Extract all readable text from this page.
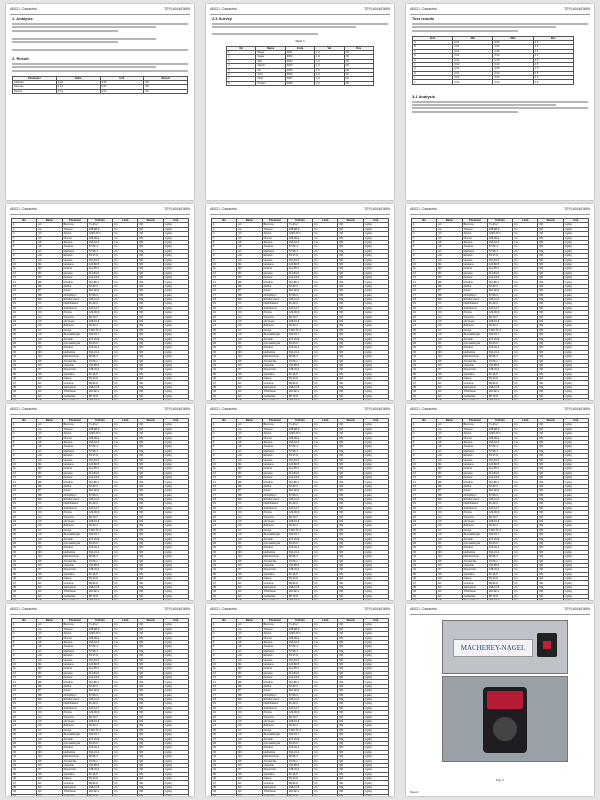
ABCD, Cadastral	TEPLAN/ADMIN
1. Analysis
2. Result
Parameter	Value	Unit	Result
Attribute	0.15	0.05	OK
Sucrose	0.14	0.01	OK
Dextrin	0.21	0.02	OK
ABCD, Cadastral	TEPLAN/ADMIN
2.3 Survey
Table 1
No	Name	Code	Val	Res
1	Water	0001	1.0	OK
2	Sugar	0002	1.0	OK
3	Salt	0003	1.0	OK
4	Starch	0004	1.0	OK
5	Oil	0005	1.0	OK
6	Acid	0006	1.0	OK
7	Fiber	0007	1.0	OK
8	Protein	0008	1.0	OK
ABCD, Cadastral	TEPLAN/ADMIN
Test results
Item	Min	Max	Res
A	0.01	0.03	0.5
B	0.01	0.04	1.0
C	0.02	0.03	1.5
D	0.01	0.02	2.0
E	0.01	0.05	3.0
F	0.02	0.03	2.5
G	0.03	0.05	1.0
H	0.01	0.02	0.5
I	0.02	0.04	2.0
J	0.01	0.03	1.5
3.1 Analysis
ABCD, Cadastral	TEPLAN/ADMIN
No	Name	Chemical	CAS No	Limit	Result	Unit
1	A1	Benzene	71-43-2	0.1	ND	mg/kg
2	A2	Toluene	108-88-3	0.1	ND	mg/kg
3	A3	Xylene	1330-20-7	0.1	ND	mg/kg
4	A4	Phenol	108-95-2	0.1	ND	mg/kg
5	A5	Styrene	100-42-5	0.1	ND	mg/kg
6	A6	Acetone	67-64-1	0.1	ND	mg/kg
7	A7	Methanol	67-56-1	0.1	ND	mg/kg
8	A8	Ethanol	64-17-5	0.1	ND	mg/kg
9	A9	Hexane	110-54-3	0.1	ND	mg/kg
10	B1	Heptane	142-82-5	0.1	ND	mg/kg
11	B2	Octane	111-65-9	0.1	ND	mg/kg
12	B3	Nonane	111-84-2	0.1	ND	mg/kg
13	B4	Decane	124-18-5	0.1	ND	mg/kg
14	B5	Pyridine	110-86-1	0.1	ND	mg/kg
15	B6	Aniline	62-53-3	0.1	ND	mg/kg
16	B7	Furan	110-00-9	0.1	ND	mg/kg
17	B8	Chloroform	67-66-3	0.1	ND	mg/kg
18	B9	Ethylbenzene	100-41-4	0.1	ND	mg/kg
19	C1	Naphthalene	91-20-3	0.1	ND	mg/kg
20	C2	Anthracene	120-12-7	0.1	ND	mg/kg
21	C3	Pyrene	129-00-0	0.1	ND	mg/kg
22	C4	Fluorene	86-73-7	0.1	ND	mg/kg
23	C5	Chrysene	218-01-9	0.1	ND	mg/kg
24	C6	Biphenyl	92-52-4	0.1	ND	mg/kg
25	C7	Cresol	1319-77-3	0.1	ND	mg/kg
26	C8	Benzaldehyde	100-52-7	0.1	ND	mg/kg
27	C9	Acrolein	107-02-8	0.1	ND	mg/kg
28	D1	Formaldehyde	50-00-0	0.1	ND	mg/kg
29	D2	Dioxane	123-91-1	0.1	ND	mg/kg
30	D3	Hydrazine	302-01-2	0.1	ND	mg/kg
31	D4	Nitrobenzene	98-95-3	0.1	ND	mg/kg
32	D5	Acrylamide	79-06-1	0.1	ND	mg/kg
33	D6	Catechol	120-80-9	0.1	ND	mg/kg
34	D7	Resorcinol	108-46-3	0.1	ND	mg/kg
35	D8	Quinoline	91-22-5	0.1	ND	mg/kg
36	D9	Indene	95-13-6	0.1	ND	mg/kg
37	E1	Cumene	98-82-8	0.1	ND	mg/kg
38	E2	Mesitylene	108-67-8	0.1	ND	mg/kg
39	E3	Thiophene	110-02-1	0.1	ND	mg/kg
40	E4	Carbazole	86-74-8	0.1	ND	mg/kg

ABCD, Cadastral	TEPLAN/ADMIN
No	Name	Chemical	CAS No	Limit	Result	Unit
1	A1	Benzene	71-43-2	0.1	ND	mg/kg
2	A2	Toluene	108-88-3	0.1	ND	mg/kg
3	A3	Xylene	1330-20-7	0.1	ND	mg/kg
4	A4	Phenol	108-95-2	0.1	ND	mg/kg
5	A5	Styrene	100-42-5	0.1	ND	mg/kg
6	A6	Acetone	67-64-1	0.1	ND	mg/kg
7	A7	Methanol	67-56-1	0.1	ND	mg/kg
8	A8	Ethanol	64-17-5	0.1	ND	mg/kg
9	A9	Hexane	110-54-3	0.1	ND	mg/kg
10	B1	Heptane	142-82-5	0.1	ND	mg/kg
11	B2	Octane	111-65-9	0.1	ND	mg/kg
12	B3	Nonane	111-84-2	0.1	ND	mg/kg
13	B4	Decane	124-18-5	0.1	ND	mg/kg
14	B5	Pyridine	110-86-1	0.1	ND	mg/kg
15	B6	Aniline	62-53-3	0.1	ND	mg/kg
16	B7	Furan	110-00-9	0.1	ND	mg/kg
17	B8	Chloroform	67-66-3	0.1	ND	mg/kg
18	B9	Ethylbenzene	100-41-4	0.1	ND	mg/kg
19	C1	Naphthalene	91-20-3	0.1	ND	mg/kg
20	C2	Anthracene	120-12-7	0.1	ND	mg/kg
21	C3	Pyrene	129-00-0	0.1	ND	mg/kg
22	C4	Fluorene	86-73-7	0.1	ND	mg/kg
23	C5	Chrysene	218-01-9	0.1	ND	mg/kg
24	C6	Biphenyl	92-52-4	0.1	ND	mg/kg
25	C7	Cresol	1319-77-3	0.1	ND	mg/kg
26	C8	Benzaldehyde	100-52-7	0.1	ND	mg/kg
27	C9	Acrolein	107-02-8	0.1	ND	mg/kg
28	D1	Formaldehyde	50-00-0	0.1	ND	mg/kg
29	D2	Dioxane	123-91-1	0.1	ND	mg/kg
30	D3	Hydrazine	302-01-2	0.1	ND	mg/kg
31	D4	Nitrobenzene	98-95-3	0.1	ND	mg/kg
32	D5	Acrylamide	79-06-1	0.1	ND	mg/kg
33	D6	Catechol	120-80-9	0.1	ND	mg/kg
34	D7	Resorcinol	108-46-3	0.1	ND	mg/kg
35	D8	Quinoline	91-22-5	0.1	ND	mg/kg
36	D9	Indene	95-13-6	0.1	ND	mg/kg
37	E1	Cumene	98-82-8	0.1	ND	mg/kg
38	E2	Mesitylene	108-67-8	0.1	ND	mg/kg
39	E3	Thiophene	110-02-1	0.1	ND	mg/kg
40	E4	Carbazole	86-74-8	0.1	ND	mg/kg

ABCD, Cadastral	TEPLAN/ADMIN
No	Name	Chemical	CAS No	Limit	Result	Unit
1	A1	Benzene	71-43-2	0.1	ND	mg/kg
2	A2	Toluene	108-88-3	0.1	ND	mg/kg
3	A3	Xylene	1330-20-7	0.1	ND	mg/kg
4	A4	Phenol	108-95-2	0.1	ND	mg/kg
5	A5	Styrene	100-42-5	0.1	ND	mg/kg
6	A6	Acetone	67-64-1	0.1	ND	mg/kg
7	A7	Methanol	67-56-1	0.1	ND	mg/kg
8	A8	Ethanol	64-17-5	0.1	ND	mg/kg
9	A9	Hexane	110-54-3	0.1	ND	mg/kg
10	B1	Heptane	142-82-5	0.1	ND	mg/kg
11	B2	Octane	111-65-9	0.1	ND	mg/kg
12	B3	Nonane	111-84-2	0.1	ND	mg/kg
13	B4	Decane	124-18-5	0.1	ND	mg/kg
14	B5	Pyridine	110-86-1	0.1	ND	mg/kg
15	B6	Aniline	62-53-3	0.1	ND	mg/kg
16	B7	Furan	110-00-9	0.1	ND	mg/kg
17	B8	Chloroform	67-66-3	0.1	ND	mg/kg
18	B9	Ethylbenzene	100-41-4	0.1	ND	mg/kg
19	C1	Naphthalene	91-20-3	0.1	ND	mg/kg
20	C2	Anthracene	120-12-7	0.1	ND	mg/kg
21	C3	Pyrene	129-00-0	0.1	ND	mg/kg
22	C4	Fluorene	86-73-7	0.1	ND	mg/kg
23	C5	Chrysene	218-01-9	0.1	ND	mg/kg
24	C6	Biphenyl	92-52-4	0.1	ND	mg/kg
25	C7	Cresol	1319-77-3	0.1	ND	mg/kg
26	C8	Benzaldehyde	100-52-7	0.1	ND	mg/kg
27	C9	Acrolein	107-02-8	0.1	ND	mg/kg
28	D1	Formaldehyde	50-00-0	0.1	ND	mg/kg
29	D2	Dioxane	123-91-1	0.1	ND	mg/kg
30	D3	Hydrazine	302-01-2	0.1	ND	mg/kg
31	D4	Nitrobenzene	98-95-3	0.1	ND	mg/kg
32	D5	Acrylamide	79-06-1	0.1	ND	mg/kg
33	D6	Catechol	120-80-9	0.1	ND	mg/kg
34	D7	Resorcinol	108-46-3	0.1	ND	mg/kg
35	D8	Quinoline	91-22-5	0.1	ND	mg/kg
36	D9	Indene	95-13-6	0.1	ND	mg/kg
37	E1	Cumene	98-82-8	0.1	ND	mg/kg
38	E2	Mesitylene	108-67-8	0.1	ND	mg/kg
39	E3	Thiophene	110-02-1	0.1	ND	mg/kg
40	E4	Carbazole	86-74-8	0.1	ND	mg/kg

ABCD, Cadastral	TEPLAN/ADMIN
No	Name	Chemical	CAS No	Limit	Result	Unit
1	A1	Benzene	71-43-2	0.1	ND	mg/kg
2	A2	Toluene	108-88-3	0.1	ND	mg/kg
3	A3	Xylene	1330-20-7	0.1	ND	mg/kg
4	A4	Phenol	108-95-2	0.1	ND	mg/kg
5	A5	Styrene	100-42-5	0.1	ND	mg/kg
6	A6	Acetone	67-64-1	0.1	ND	mg/kg
7	A7	Methanol	67-56-1	0.1	ND	mg/kg
8	A8	Ethanol	64-17-5	0.1	ND	mg/kg
9	A9	Hexane	110-54-3	0.1	ND	mg/kg
10	B1	Heptane	142-82-5	0.1	ND	mg/kg
11	B2	Octane	111-65-9	0.1	ND	mg/kg
12	B3	Nonane	111-84-2	0.1	ND	mg/kg
13	B4	Decane	124-18-5	0.1	ND	mg/kg
14	B5	Pyridine	110-86-1	0.1	ND	mg/kg
15	B6	Aniline	62-53-3	0.1	ND	mg/kg
16	B7	Furan	110-00-9	0.1	ND	mg/kg
17	B8	Chloroform	67-66-3	0.1	ND	mg/kg
18	B9	Ethylbenzene	100-41-4	0.1	ND	mg/kg
19	C1	Naphthalene	91-20-3	0.1	ND	mg/kg
20	C2	Anthracene	120-12-7	0.1	ND	mg/kg
21	C3	Pyrene	129-00-0	0.1	ND	mg/kg
22	C4	Fluorene	86-73-7	0.1	ND	mg/kg
23	C5	Chrysene	218-01-9	0.1	ND	mg/kg
24	C6	Biphenyl	92-52-4	0.1	ND	mg/kg
25	C7	Cresol	1319-77-3	0.1	ND	mg/kg
26	C8	Benzaldehyde	100-52-7	0.1	ND	mg/kg
27	C9	Acrolein	107-02-8	0.1	ND	mg/kg
28	D1	Formaldehyde	50-00-0	0.1	ND	mg/kg
29	D2	Dioxane	123-91-1	0.1	ND	mg/kg
30	D3	Hydrazine	302-01-2	0.1	ND	mg/kg
31	D4	Nitrobenzene	98-95-3	0.1	ND	mg/kg
32	D5	Acrylamide	79-06-1	0.1	ND	mg/kg
33	D6	Catechol	120-80-9	0.1	ND	mg/kg
34	D7	Resorcinol	108-46-3	0.1	ND	mg/kg
35	D8	Quinoline	91-22-5	0.1	ND	mg/kg
36	D9	Indene	95-13-6	0.1	ND	mg/kg
37	E1	Cumene	98-82-8	0.1	ND	mg/kg
38	E2	Mesitylene	108-67-8	0.1	ND	mg/kg
39	E3	Thiophene	110-02-1	0.1	ND	mg/kg
40	E4	Carbazole	86-74-8	0.1	ND	mg/kg

ABCD, Cadastral	TEPLAN/ADMIN
No	Name	Chemical	CAS No	Limit	Result	Unit
1	A1	Benzene	71-43-2	0.1	ND	mg/kg
2	A2	Toluene	108-88-3	0.1	ND	mg/kg
3	A3	Xylene	1330-20-7	0.1	ND	mg/kg
4	A4	Phenol	108-95-2	0.1	ND	mg/kg
5	A5	Styrene	100-42-5	0.1	ND	mg/kg
6	A6	Acetone	67-64-1	0.1	ND	mg/kg
7	A7	Methanol	67-56-1	0.1	ND	mg/kg
8	A8	Ethanol	64-17-5	0.1	ND	mg/kg
9	A9	Hexane	110-54-3	0.1	ND	mg/kg
10	B1	Heptane	142-82-5	0.1	ND	mg/kg
11	B2	Octane	111-65-9	0.1	ND	mg/kg
12	B3	Nonane	111-84-2	0.1	ND	mg/kg
13	B4	Decane	124-18-5	0.1	ND	mg/kg
14	B5	Pyridine	110-86-1	0.1	ND	mg/kg
15	B6	Aniline	62-53-3	0.1	ND	mg/kg
16	B7	Furan	110-00-9	0.1	ND	mg/kg
17	B8	Chloroform	67-66-3	0.1	ND	mg/kg
18	B9	Ethylbenzene	100-41-4	0.1	ND	mg/kg
19	C1	Naphthalene	91-20-3	0.1	ND	mg/kg
20	C2	Anthracene	120-12-7	0.1	ND	mg/kg
21	C3	Pyrene	129-00-0	0.1	ND	mg/kg
22	C4	Fluorene	86-73-7	0.1	ND	mg/kg
23	C5	Chrysene	218-01-9	0.1	ND	mg/kg
24	C6	Biphenyl	92-52-4	0.1	ND	mg/kg
25	C7	Cresol	1319-77-3	0.1	ND	mg/kg
26	C8	Benzaldehyde	100-52-7	0.1	ND	mg/kg
27	C9	Acrolein	107-02-8	0.1	ND	mg/kg
28	D1	Formaldehyde	50-00-0	0.1	ND	mg/kg
29	D2	Dioxane	123-91-1	0.1	ND	mg/kg
30	D3	Hydrazine	302-01-2	0.1	ND	mg/kg
31	D4	Nitrobenzene	98-95-3	0.1	ND	mg/kg
32	D5	Acrylamide	79-06-1	0.1	ND	mg/kg
33	D6	Catechol	120-80-9	0.1	ND	mg/kg
34	D7	Resorcinol	108-46-3	0.1	ND	mg/kg
35	D8	Quinoline	91-22-5	0.1	ND	mg/kg
36	D9	Indene	95-13-6	0.1	ND	mg/kg
37	E1	Cumene	98-82-8	0.1	ND	mg/kg
38	E2	Mesitylene	108-67-8	0.1	ND	mg/kg
39	E3	Thiophene	110-02-1	0.1	ND	mg/kg
40	E4	Carbazole	86-74-8	0.1	ND	mg/kg

ABCD, Cadastral	TEPLAN/ADMIN
No	Name	Chemical	CAS No	Limit	Result	Unit
1	A1	Benzene	71-43-2	0.1	ND	mg/kg
2	A2	Toluene	108-88-3	0.1	ND	mg/kg
3	A3	Xylene	1330-20-7	0.1	ND	mg/kg
4	A4	Phenol	108-95-2	0.1	ND	mg/kg
5	A5	Styrene	100-42-5	0.1	ND	mg/kg
6	A6	Acetone	67-64-1	0.1	ND	mg/kg
7	A7	Methanol	67-56-1	0.1	ND	mg/kg
8	A8	Ethanol	64-17-5	0.1	ND	mg/kg
9	A9	Hexane	110-54-3	0.1	ND	mg/kg
10	B1	Heptane	142-82-5	0.1	ND	mg/kg
11	B2	Octane	111-65-9	0.1	ND	mg/kg
12	B3	Nonane	111-84-2	0.1	ND	mg/kg
13	B4	Decane	124-18-5	0.1	ND	mg/kg
14	B5	Pyridine	110-86-1	0.1	ND	mg/kg
15	B6	Aniline	62-53-3	0.1	ND	mg/kg
16	B7	Furan	110-00-9	0.1	ND	mg/kg
17	B8	Chloroform	67-66-3	0.1	ND	mg/kg
18	B9	Ethylbenzene	100-41-4	0.1	ND	mg/kg
19	C1	Naphthalene	91-20-3	0.1	ND	mg/kg
20	C2	Anthracene	120-12-7	0.1	ND	mg/kg
21	C3	Pyrene	129-00-0	0.1	ND	mg/kg
22	C4	Fluorene	86-73-7	0.1	ND	mg/kg
23	C5	Chrysene	218-01-9	0.1	ND	mg/kg
24	C6	Biphenyl	92-52-4	0.1	ND	mg/kg
25	C7	Cresol	1319-77-3	0.1	ND	mg/kg
26	C8	Benzaldehyde	100-52-7	0.1	ND	mg/kg
27	C9	Acrolein	107-02-8	0.1	ND	mg/kg
28	D1	Formaldehyde	50-00-0	0.1	ND	mg/kg
29	D2	Dioxane	123-91-1	0.1	ND	mg/kg
30	D3	Hydrazine	302-01-2	0.1	ND	mg/kg
31	D4	Nitrobenzene	98-95-3	0.1	ND	mg/kg
32	D5	Acrylamide	79-06-1	0.1	ND	mg/kg
33	D6	Catechol	120-80-9	0.1	ND	mg/kg
34	D7	Resorcinol	108-46-3	0.1	ND	mg/kg
35	D8	Quinoline	91-22-5	0.1	ND	mg/kg
36	D9	Indene	95-13-6	0.1	ND	mg/kg
37	E1	Cumene	98-82-8	0.1	ND	mg/kg
38	E2	Mesitylene	108-67-8	0.1	ND	mg/kg
39	E3	Thiophene	110-02-1	0.1	ND	mg/kg
40	E4	Carbazole	86-74-8	0.1	ND	mg/kg

ABCD, Cadastral	TEPLAN/ADMIN
No	Name	Chemical	CAS No	Limit	Result	Unit
1	A1	Benzene	71-43-2	0.1	ND	mg/kg
2	A2	Toluene	108-88-3	0.1	ND	mg/kg
3	A3	Xylene	1330-20-7	0.1	ND	mg/kg
4	A4	Phenol	108-95-2	0.1	ND	mg/kg
5	A5	Styrene	100-42-5	0.1	ND	mg/kg
6	A6	Acetone	67-64-1	0.1	ND	mg/kg
7	A7	Methanol	67-56-1	0.1	ND	mg/kg
8	A8	Ethanol	64-17-5	0.1	ND	mg/kg
9	A9	Hexane	110-54-3	0.1	ND	mg/kg
10	B1	Heptane	142-82-5	0.1	ND	mg/kg
11	B2	Octane	111-65-9	0.1	ND	mg/kg
12	B3	Nonane	111-84-2	0.1	ND	mg/kg
13	B4	Decane	124-18-5	0.1	ND	mg/kg
14	B5	Pyridine	110-86-1	0.1	ND	mg/kg
15	B6	Aniline	62-53-3	0.1	ND	mg/kg
16	B7	Furan	110-00-9	0.1	ND	mg/kg
17	B8	Chloroform	67-66-3	0.1	ND	mg/kg
18	B9	Ethylbenzene	100-41-4	0.1	ND	mg/kg
19	C1	Naphthalene	91-20-3	0.1	ND	mg/kg
20	C2	Anthracene	120-12-7	0.1	ND	mg/kg
21	C3	Pyrene	129-00-0	0.1	ND	mg/kg
22	C4	Fluorene	86-73-7	0.1	ND	mg/kg
23	C5	Chrysene	218-01-9	0.1	ND	mg/kg
24	C6	Biphenyl	92-52-4	0.1	ND	mg/kg
25	C7	Cresol	1319-77-3	0.1	ND	mg/kg
26	C8	Benzaldehyde	100-52-7	0.1	ND	mg/kg
27	C9	Acrolein	107-02-8	0.1	ND	mg/kg
28	D1	Formaldehyde	50-00-0	0.1	ND	mg/kg
29	D2	Dioxane	123-91-1	0.1	ND	mg/kg
30	D3	Hydrazine	302-01-2	0.1	ND	mg/kg
31	D4	Nitrobenzene	98-95-3	0.1	ND	mg/kg
32	D5	Acrylamide	79-06-1	0.1	ND	mg/kg
33	D6	Catechol	120-80-9	0.1	ND	mg/kg
34	D7	Resorcinol	108-46-3	0.1	ND	mg/kg
35	D8	Quinoline	91-22-5	0.1	ND	mg/kg
36	D9	Indene	95-13-6	0.1	ND	mg/kg
37	E1	Cumene	98-82-8	0.1	ND	mg/kg
38	E2	Mesitylene	108-67-8	0.1	ND	mg/kg
39	E3	Thiophene	110-02-1	0.1	ND	mg/kg

ABCD, Cadastral	TEPLAN/ADMIN
No	Name	Chemical	CAS No	Limit	Result	Unit
1	A1	Benzene	71-43-2	0.1	ND	mg/kg
2	A2	Toluene	108-88-3	0.1	ND	mg/kg
3	A3	Xylene	1330-20-7	0.1	ND	mg/kg
4	A4	Phenol	108-95-2	0.1	ND	mg/kg
5	A5	Styrene	100-42-5	0.1	ND	mg/kg
6	A6	Acetone	67-64-1	0.1	ND	mg/kg
7	A7	Methanol	67-56-1	0.1	ND	mg/kg
8	A8	Ethanol	64-17-5	0.1	ND	mg/kg
9	A9	Hexane	110-54-3	0.1	ND	mg/kg
10	B1	Heptane	142-82-5	0.1	ND	mg/kg
11	B2	Octane	111-65-9	0.1	ND	mg/kg
12	B3	Nonane	111-84-2	0.1	ND	mg/kg
13	B4	Decane	124-18-5	0.1	ND	mg/kg
14	B5	Pyridine	110-86-1	0.1	ND	mg/kg
15	B6	Aniline	62-53-3	0.1	ND	mg/kg
16	B7	Furan	110-00-9	0.1	ND	mg/kg
17	B8	Chloroform	67-66-3	0.1	ND	mg/kg
18	B9	Ethylbenzene	100-41-4	0.1	ND	mg/kg
19	C1	Naphthalene	91-20-3	0.1	ND	mg/kg
20	C2	Anthracene	120-12-7	0.1	ND	mg/kg
21	C3	Pyrene	129-00-0	0.1	ND	mg/kg
22	C4	Fluorene	86-73-7	0.1	ND	mg/kg
23	C5	Chrysene	218-01-9	0.1	ND	mg/kg
24	C6	Biphenyl	92-52-4	0.1	ND	mg/kg
25	C7	Cresol	1319-77-3	0.1	ND	mg/kg
26	C8	Benzaldehyde	100-52-7	0.1	ND	mg/kg
27	C9	Acrolein	107-02-8	0.1	ND	mg/kg
28	D1	Formaldehyde	50-00-0	0.1	ND	mg/kg
29	D2	Dioxane	123-91-1	0.1	ND	mg/kg
30	D3	Hydrazine	302-01-2	0.1	ND	mg/kg
31	D4	Nitrobenzene	98-95-3	0.1	ND	mg/kg
32	D5	Acrylamide	79-06-1	0.1	ND	mg/kg
33	D6	Catechol	120-80-9	0.1	ND	mg/kg
34	D7	Resorcinol	108-46-3	0.1	ND	mg/kg
35	D8	Quinoline	91-22-5	0.1	ND	mg/kg
36	D9	Indene	95-13-6	0.1	ND	mg/kg
37	E1	Cumene	98-82-8	0.1	ND	mg/kg
38	E2	Mesitylene	108-67-8	0.1	ND	mg/kg
39	E3	Thiophene	110-02-1	0.1	ND	mg/kg

ABCD, Cadastral	TEPLAN/ADMIN
MACHEREY-NAGEL
Fig. 1
Report
